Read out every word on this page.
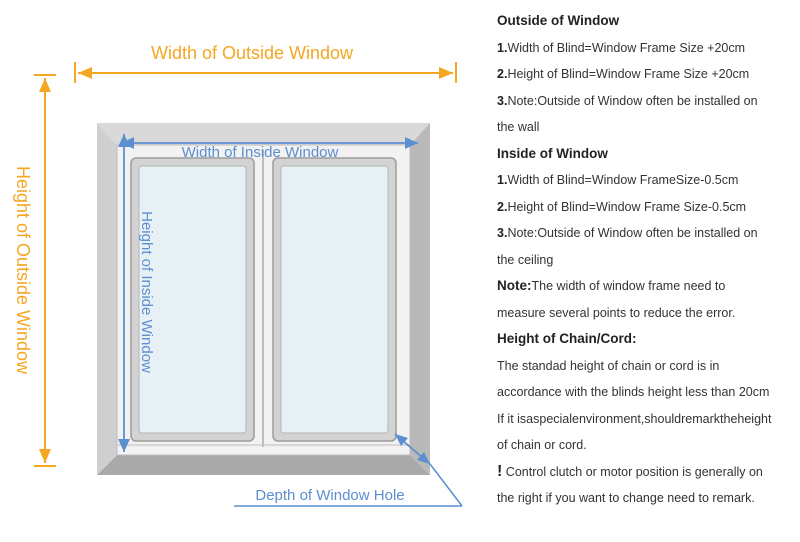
Width of Outside Window
Height of Outside Window
Width of Inside Window
Height of Inside Window
Depth of Window Hole
Outside of Window
1.Width of Blind=Window Frame Size +20cm
2.Height of Blind=Window Frame Size +20cm
3.Note:Outside of Window often be installed on
the wall
Inside of Window
1.Width of Blind=Window FrameSize-0.5cm
2.Height of Blind=Window Frame Size-0.5cm
3.Note:Outside of Window often be installed on
the ceiling
Note:The width of window frame need to
measure several points to reduce the error.
Height of Chain/Cord:
The standad height of chain or cord is in
accordance with the blinds height less than 20cm
If it isaspecialenvironment,shouldremarktheheight
of chain or cord.
! Control clutch or motor position is generally on
the right if you want to change need to remark.
